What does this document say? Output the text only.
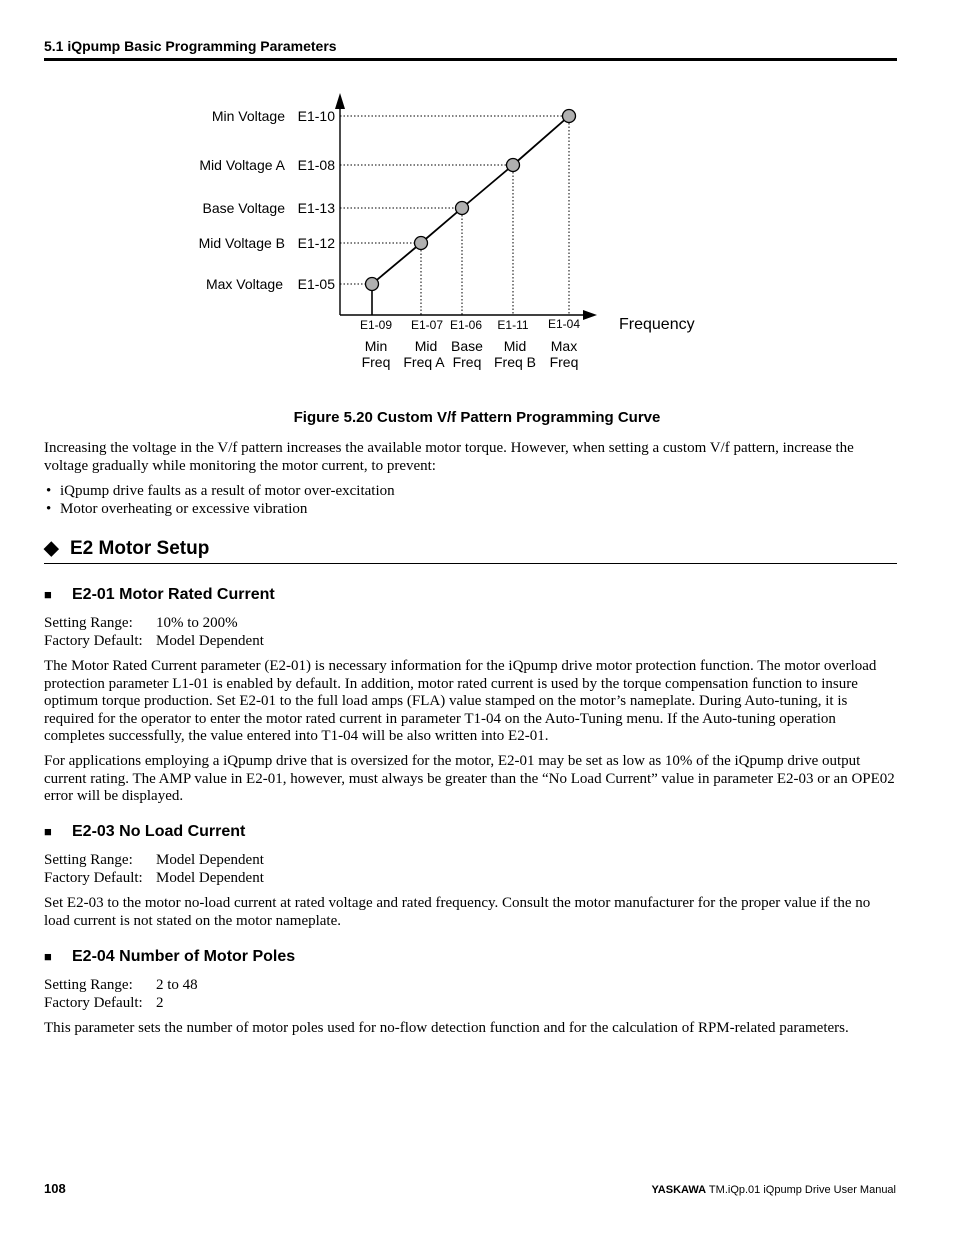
5.1 iQpump Basic Programming Parameters
E1-05
Max Voltage
E1-12
Mid Voltage B
E1-13
Base Voltage
E1-08
Mid Voltage A
E1-10
Min Voltage
E1-09
Min
Freq
E1-07
Mid
Freq A
E1-06
Base
Freq
E1-11
Mid
Freq B
E1-04
Max
Freq
Frequency
Figure 5.20 Custom V/f Pattern Programming Curve

Increasing the voltage in the V/f pattern increases the available motor torque. However, when setting a custom V/f pattern, increase the voltage gradually while monitoring the motor current, to prevent:

• iQpump drive faults as a result of motor over-excitation
• Motor overheating or excessive vibration
◆ E2 Motor Setup
■ E2-01 Motor Rated Current
Setting Range: 10% to 200%
Factory Default: Model Dependent

The Motor Rated Current parameter (E2-01) is necessary information for the iQpump drive motor protection function. The motor overload protection parameter L1-01 is enabled by default. In addition, motor rated current is used by the torque compensation function to insure optimum torque production. Set E2-01 to the full load amps (FLA) value stamped on the motor’s nameplate. During Auto-tuning, it is required for the operator to enter the motor rated current in parameter T1-04 on the Auto-Tuning menu. If the Auto-tuning operation completes successfully, the value entered into T1-04 will be also written into E2-01.

For applications employing a iQpump drive that is oversized for the motor, E2-01 may be set as low as 10% of the iQpump drive output current rating. The AMP value in E2-01, however, must always be greater than the “No Load Current” value in parameter E2-03 or an OPE02 error will be displayed.

■ E2-03 No Load Current
Setting Range: Model Dependent
Factory Default: Model Dependent

Set E2-03 to the motor no-load current at rated voltage and rated frequency. Consult the motor manufacturer for the proper value if the no load current is not stated on the motor nameplate.

■ E2-04 Number of Motor Poles
Setting Range: 2 to 48
Factory Default: 2

This parameter sets the number of motor poles used for no-flow detection function and for the calculation of RPM-related parameters.

108	YASKAWA TM.iQp.01 iQpump Drive User Manual
